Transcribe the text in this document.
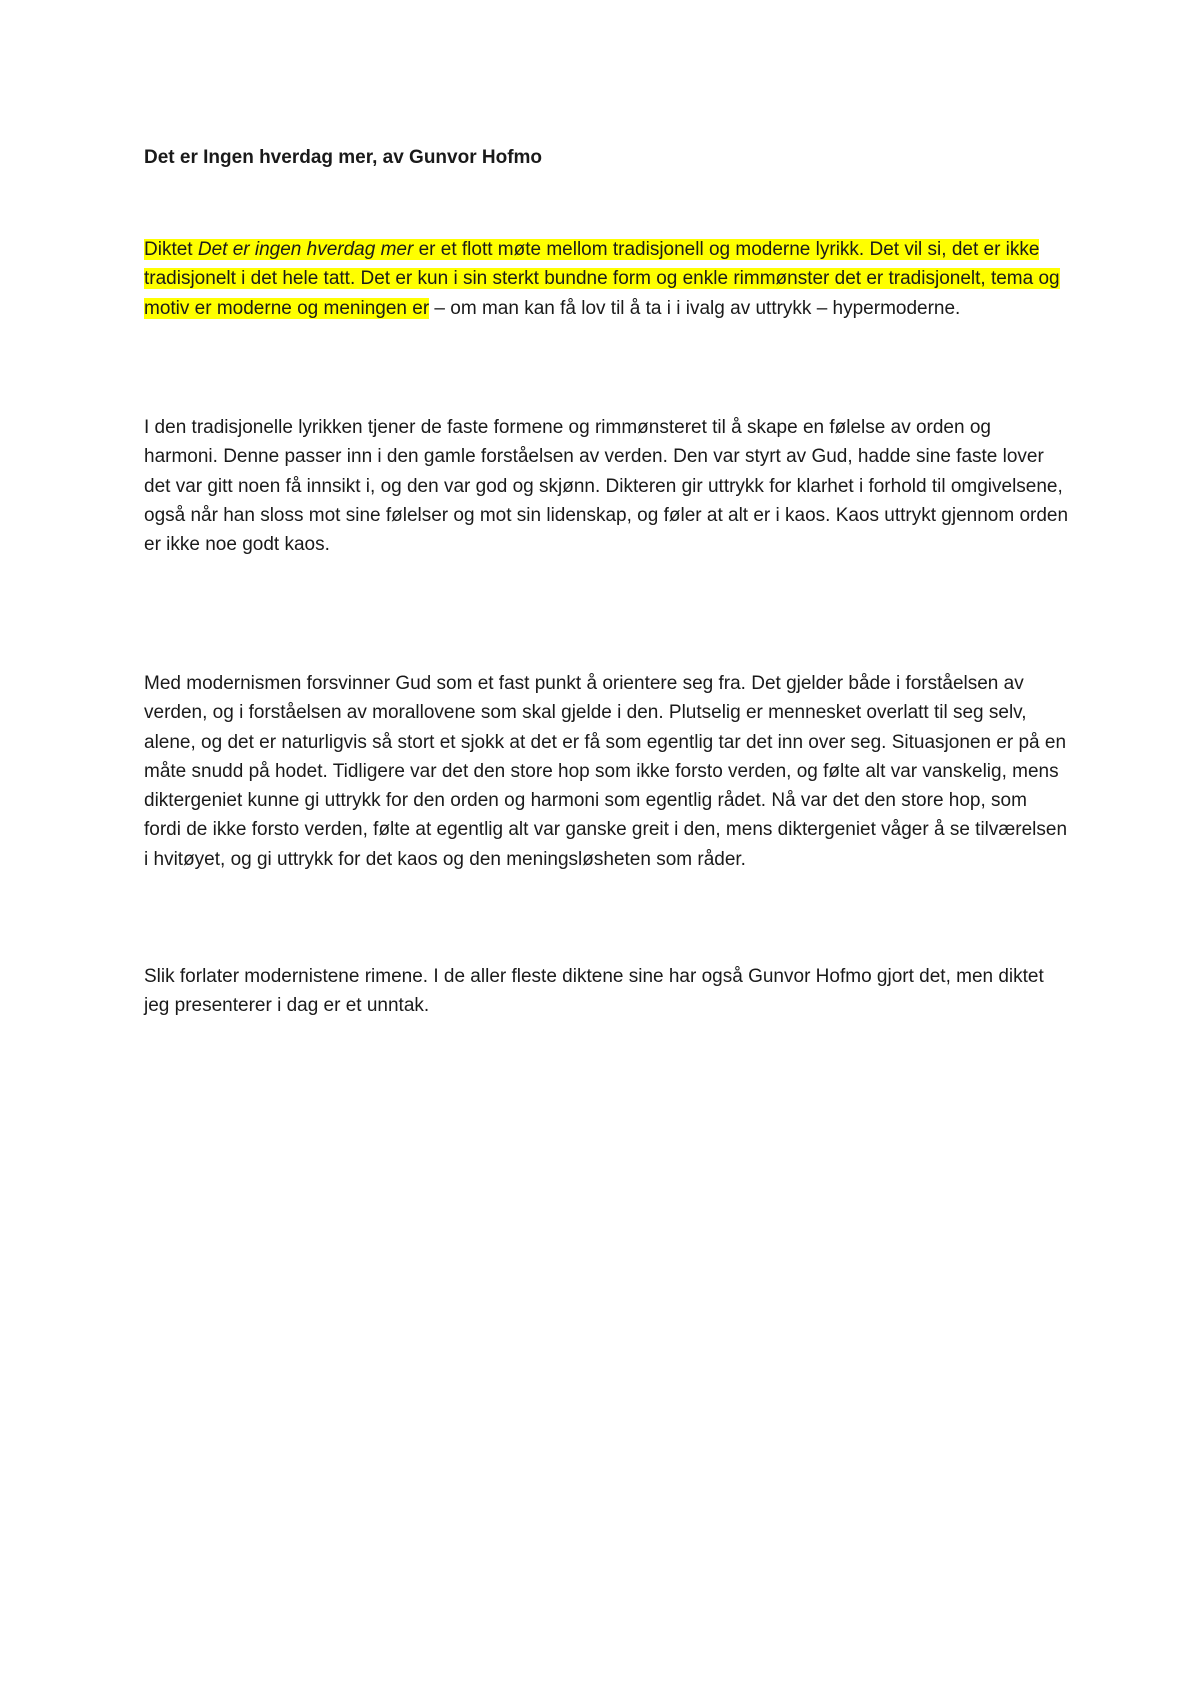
Det er Ingen hverdag mer, av Gunvor Hofmo

Diktet Det er ingen hverdag mer er et flott møte mellom tradisjonell og moderne lyrikk. Det vil si, det er ikke tradisjonelt i det hele tatt. Det er kun i sin sterkt bundne form og enkle rimmønster det er tradisjonelt, tema og motiv er moderne og meningen er – om man kan få lov til å ta i i ivalg av uttrykk – hypermoderne.

I den tradisjonelle lyrikken tjener de faste formene og rimmønsteret til å skape en følelse av orden og harmoni. Denne passer inn i den gamle forståelsen av verden. Den var styrt av Gud, hadde sine faste lover det var gitt noen få innsikt i, og den var god og skjønn. Dikteren gir uttrykk for klarhet i forhold til omgivelsene, også når han sloss mot sine følelser og mot sin lidenskap, og føler at alt er i kaos. Kaos uttrykt gjennom orden er ikke noe godt kaos.

Med modernismen forsvinner Gud som et fast punkt å orientere seg fra. Det gjelder både i forståelsen av verden, og i forståelsen av morallovene som skal gjelde i den. Plutselig er mennesket overlatt til seg selv, alene, og det er naturligvis så stort et sjokk at det er få som egentlig tar det inn over seg. Situasjonen er på en måte snudd på hodet. Tidligere var det den store hop som ikke forsto verden, og følte alt var vanskelig, mens diktergeniet kunne gi uttrykk for den orden og harmoni som egentlig rådet. Nå var det den store hop, som fordi de ikke forsto verden, følte at egentlig alt var ganske greit i den, mens diktergeniet våger å se tilværelsen i hvitøyet, og gi uttrykk for det kaos og den meningsløsheten som råder.

Slik forlater modernistene rimene. I de aller fleste diktene sine har også Gunvor Hofmo gjort det, men diktet jeg presenterer i dag er et unntak.
